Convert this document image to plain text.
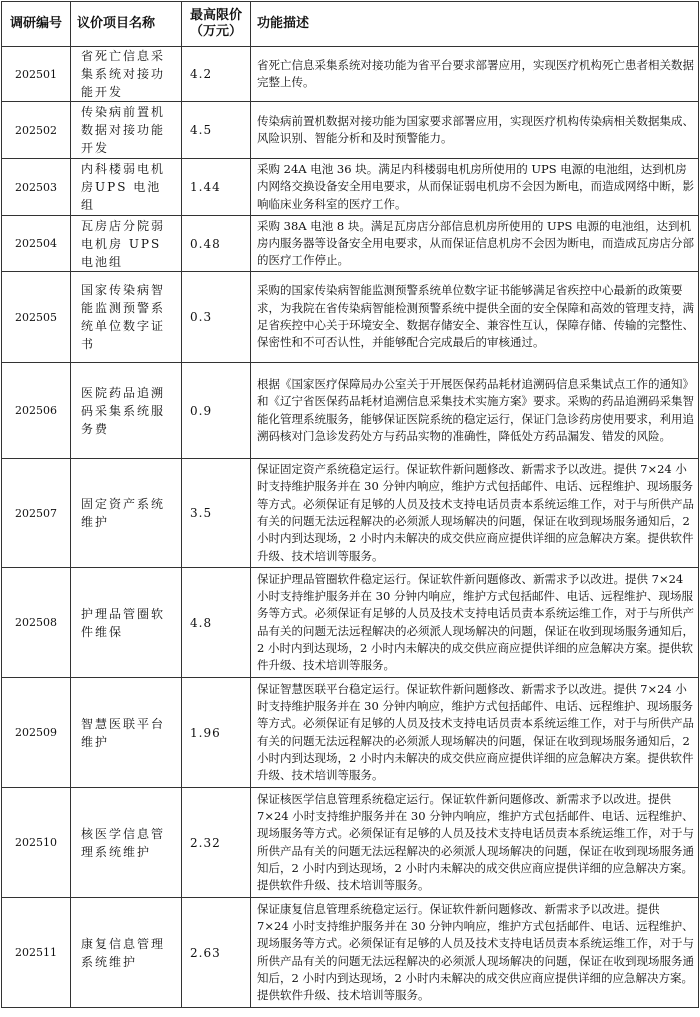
调研编号	议价项目名称	最高限价（万元）	功能描述
202501	省死亡信息采集系统对接功能开发	4.2	省死亡信息采集系统对接功能为省平台要求部署应用，实现医疗机构死亡患者相关数据完整上传。
202502	传染病前置机数据对接功能开发	4.5	传染病前置机数据对接功能为国家要求部署应用，实现医疗机构传染病相关数据集成、风险识别、智能分析和及时预警能力。
202503	内科楼弱电机房UPS 电池组	1.44	采购 24A 电池 36 块。满足内科楼弱电机房所使用的 UPS 电源的电池组，达到机房内网络交换设备安全用电要求，从而保证弱电机房不会因为断电，而造成网络中断，影响临床业务科室的医疗工作。
202504	瓦房店分院弱电机房 UPS 电池组	0.48	采购 38A 电池 8 块。满足瓦房店分部信息机房所使用的 UPS 电源的电池组，达到机房内服务器等设备安全用电要求，从而保证信息机房不会因为断电，而造成瓦房店分部的医疗工作停止。
202505	国家传染病智能监测预警系统单位数字证书	0.3	采购的国家传染病智能监测预警系统单位数字证书能够满足省疾控中心最新的政策要求，为我院在省传染病智能检测预警系统中提供全面的安全保障和高效的管理支持，满足省疾控中心关于环境安全、数据存储安全、兼容性互认，保障存储、传输的完整性、保密性和不可否认性，并能够配合完成最后的审核通过。
202506	医院药品追溯码采集系统服务费	0.9	根据《国家医疗保障局办公室关于开展医保药品耗材追溯码信息采集试点工作的通知》和《辽宁省医保药品耗材追溯信息采集技术实施方案》要求。采购的药品追溯码采集智能化管理系统服务，能够保证医院系统的稳定运行，保证门急诊药房使用要求，利用追溯码核对门急诊发药处方与药品实物的准确性，降低处方药品漏发、错发的风险。
202507	固定资产系统维护	3.5	保证固定资产系统稳定运行。保证软件新问题修改、新需求予以改进。提供 7×24 小时支持维护服务并在 30 分钟内响应，维护方式包括邮件、电话、远程维护、现场服务等方式。必须保证有足够的人员及技术支持电话员责本系统运维工作，对于与所供产品有关的问题无法远程解决的必须派人现场解决的问题，保证在收到现场服务通知后，2 小时内到达现场，2 小时内未解决的成交供应商应提供详细的应急解决方案。提供软件升级、技术培训等服务。
202508	护理品管圈软件维保	4.8	保证护理品管圈软件稳定运行。保证软件新问题修改、新需求予以改进。提供 7×24 小时支持维护服务并在 30 分钟内响应，维护方式包括邮件、电话、远程维护、现场服务等方式。必须保证有足够的人员及技术支持电话员责本系统运维工作，对于与所供产品有关的问题无法远程解决的必须派人现场解决的问题，保证在收到现场服务通知后，2 小时内到达现场，2 小时内未解决的成交供应商应提供详细的应急解决方案。提供软件升级、技术培训等服务。
202509	智慧医联平台维护	1.96	保证智慧医联平台稳定运行。保证软件新问题修改、新需求予以改进。提供 7×24 小时支持维护服务并在 30 分钟内响应，维护方式包括邮件、电话、远程维护、现场服务等方式。必须保证有足够的人员及技术支持电话员责本系统运维工作，对于与所供产品有关的问题无法远程解决的必须派人现场解决的问题，保证在收到现场服务通知后，2 小时内到达现场，2 小时内未解决的成交供应商应提供详细的应急解决方案。提供软件升级、技术培训等服务。
202510	核医学信息管理系统维护	2.32	保证核医学信息管理系统稳定运行。保证软件新问题修改、新需求予以改进。提供 7×24 小时支持维护服务并在 30 分钟内响应，维护方式包括邮件、电话、远程维护、现场服务等方式。必须保证有足够的人员及技术支持电话员责本系统运维工作，对于与所供产品有关的问题无法远程解决的必须派人现场解决的问题，保证在收到现场服务通知后，2 小时内到达现场，2 小时内未解决的成交供应商应提供详细的应急解决方案。提供软件升级、技术培训等服务。
202511	康复信息管理系统维护	2.63	保证康复信息管理系统稳定运行。保证软件新问题修改、新需求予以改进。提供 7×24 小时支持维护服务并在 30 分钟内响应，维护方式包括邮件、电话、远程维护、现场服务等方式。必须保证有足够的人员及技术支持电话员责本系统运维工作，对于与所供产品有关的问题无法远程解决的必须派人现场解决的问题，保证在收到现场服务通知后，2 小时内到达现场，2 小时内未解决的成交供应商应提供详细的应急解决方案。提供软件升级、技术培训等服务。
